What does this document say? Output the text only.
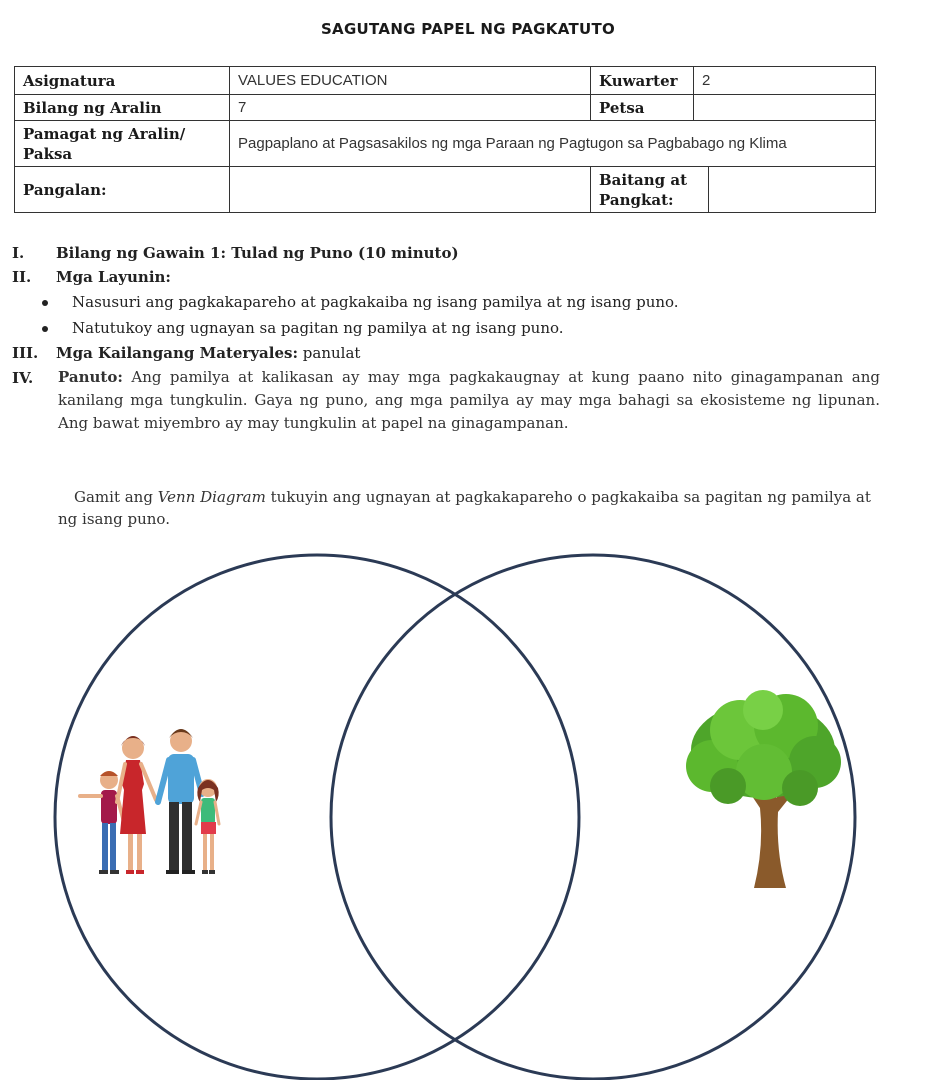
SAGUTANG PAPEL NG PAGKATUTO
Asignatura	VALUES EDUCATION	Kuwarter	2	
Bilang ng Aralin	7	Petsa		
Pamagat ng Aralin/ Paksa	Pagpaplano at Pagsasakilos ng mga Paraan ng Pagtugon sa Pagbabago ng Klima			
Pangalan:		Baitang at Pangkat:		
I. Bilang ng Gawain 1: Tulad ng Puno (10 minuto)
II. Mga Layunin:
Nasusuri ang pagkakapareho at pagkakaiba ng isang pamilya at ng isang puno.
Natutukoy ang ugnayan sa pagitan ng pamilya at ng isang puno.
III. Mga Kailangang Materyales: panulat
IV.	Panuto: Ang pamilya at kalikasan ay may mga pagkakaugnay at kung paano nito ginagampanan ang kanilang mga tungkulin. Gaya ng puno, ang mga pamilya ay may mga bahagi sa ekosisteme ng lipunan. Ang bawat miyembro ay may tungkulin at papel na ginagampanan.
Gamit ang Venn Diagram tukuyin ang ugnayan at pagkakapareho o pagkakaiba sa pagitan ng pamilya at ng isang puno.
